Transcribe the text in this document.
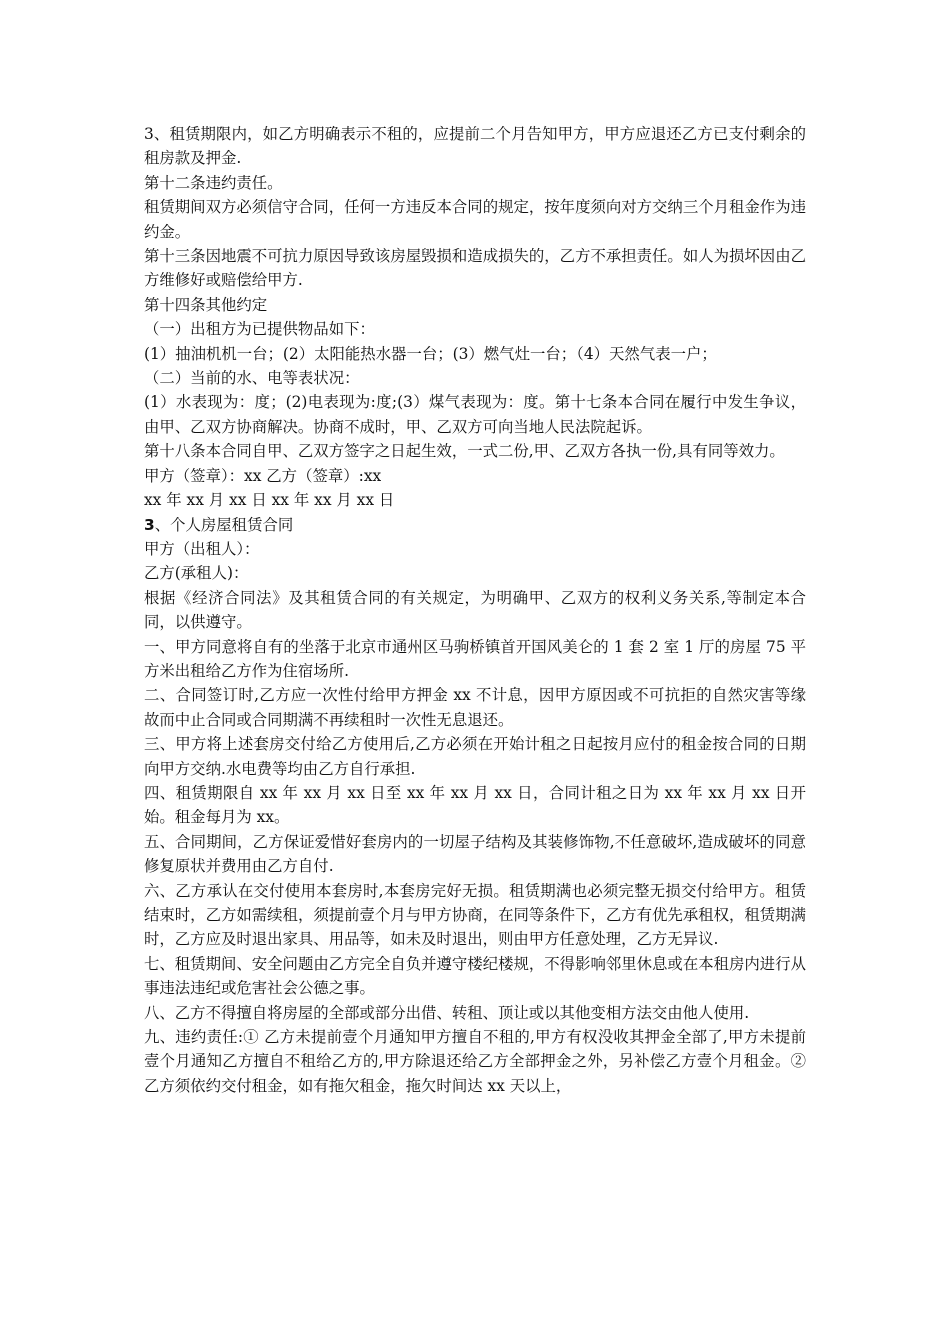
3、租赁期限内，如乙方明确表示不租的，应提前二个月告知甲方，甲方应退还乙方已支付剩余的租房款及押金.

第十二条违约责任。

租赁期间双方必须信守合同，任何一方违反本合同的规定，按年度须向对方交纳三个月租金作为违约金。

第十三条因地震不可抗力原因导致该房屋毁损和造成损失的，乙方不承担责任。如人为损坏因由乙方维修好或赔偿给甲方.

第十四条其他约定

（一）出租方为已提供物品如下：

(1）抽油机机一台；(2）太阳能热水器一台；(3）燃气灶一台；（4）天然气表一户；

（二）当前的水、电等表状况：

(1）水表现为：度；(2)电表现为:度;(3）煤气表现为：度。第十七条本合同在履行中发生争议，由甲、乙双方协商解决。协商不成时，甲、乙双方可向当地人民法院起诉。

第十八条本合同自甲、乙双方签字之日起生效，一式二份,甲、乙双方各执一份,具有同等效力。

甲方（签章）：xx 乙方（签章）:xx

xx 年 xx 月 xx 日 xx 年 xx 月 xx 日

3、个人房屋租赁合同

甲方（出租人）：

乙方(承租人)：

根据《经济合同法》及其租赁合同的有关规定，为明确甲、乙双方的权利义务关系,等制定本合同，以供遵守。

一、甲方同意将自有的坐落于北京市通州区马驹桥镇首开国风美仑的 1 套 2 室 1 厅的房屋 75 平方米出租给乙方作为住宿场所.

二、合同签订时,乙方应一次性付给甲方押金 xx 不计息，因甲方原因或不可抗拒的自然灾害等缘故而中止合同或合同期满不再续租时一次性无息退还。

三、甲方将上述套房交付给乙方使用后,乙方必须在开始计租之日起按月应付的租金按合同的日期向甲方交纳.水电费等均由乙方自行承担.

四、租赁期限自 xx 年 xx 月 xx 日至 xx 年 xx 月 xx 日，合同计租之日为 xx 年 xx 月 xx 日开始。租金每月为 xx。

五、合同期间，乙方保证爱惜好套房内的一切屋子结构及其装修饰物,不任意破坏,造成破坏的同意修复原状并费用由乙方自付.

六、乙方承认在交付使用本套房时,本套房完好无损。租赁期满也必须完整无损交付给甲方。租赁结束时，乙方如需续租，须提前壹个月与甲方协商，在同等条件下，乙方有优先承租权，租赁期满时，乙方应及时退出家具、用品等，如未及时退出，则由甲方任意处理，乙方无异议.

七、租赁期间、安全问题由乙方完全自负并遵守楼纪楼规，不得影响邻里休息或在本租房内进行从事违法违纪或危害社会公德之事。

八、乙方不得擅自将房屋的全部或部分出借、转租、顶让或以其他变相方法交由他人使用.

九、违约责任:① 乙方未提前壹个月通知甲方擅自不租的,甲方有权没收其押金全部了,甲方未提前壹个月通知乙方擅自不租给乙方的,甲方除退还给乙方全部押金之外，另补偿乙方壹个月租金。②乙方须依约交付租金，如有拖欠租金，拖欠时间达 xx 天以上，
